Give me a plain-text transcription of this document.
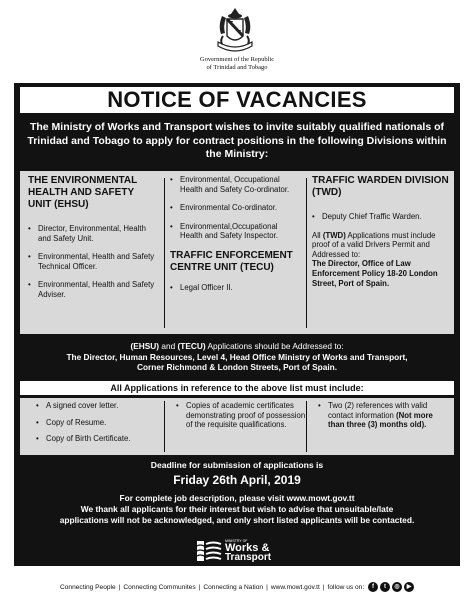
Government of the Republic
of Trinidad and Tobago
NOTICE OF VACANCIES
The Ministry of Works and Transport wishes to invite suitably qualified nationals of Trinidad and Tobago to apply for contract positions in the following Divisions within the Ministry:
THE ENVIRONMENTAL HEALTH AND SAFETY UNIT (EHSU)
• Director, Environmental, Health and Safety Unit.
• Environmental, Health and Safety Technical Officer.
• Environmental, Health and Safety Adviser.
• Environmental, Occupational Health and Safety Co-ordinator.
• Environmental Co-ordinator.
• Environmental,Occupational Health and Safety Inspector.
TRAFFIC ENFORCEMENT CENTRE UNIT (TECU)
• Legal Officer II.
TRAFFIC WARDEN DIVISION (TWD)
• Deputy Chief Traffic Warden.
All (TWD) Applications must include proof of a valid Drivers Permit and Addressed to:
The Director, Office of Law Enforcement Policy 18-20 London Street, Port of Spain.
(EHSU) and (TECU) Applications should be Addressed to:
The Director, Human Resources, Level 4, Head Office Ministry of Works and Transport,
Corner Richmond & London Streets, Port of Spain.
All Applications in reference to the above list must include:
• A signed cover letter.
• Copy of Resume.
• Copy of Birth Certificate.
• Copies of academic certificates demonstrating proof of possession of the requisite qualifications.
• Two (2) references with valid contact information (Not more than three (3) months old).
Deadline for submission of applications is
Friday 26th April, 2019
For complete job description, please visit www.mowt.gov.tt
We thank all applicants for their interest but wish to advise that unsuitable/late
applications will not be acknowledged, and only short listed applicants will be contacted.
MINISTRY OF
Works &
Transport
Connecting People | Connecting Communites | Connecting a Nation | www.mowt.gov.tt | follow us on: f t ◎ ▶
